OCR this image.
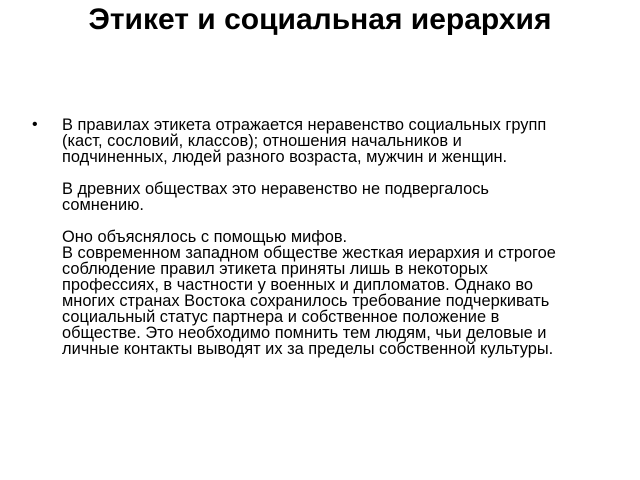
Этикет и социальная иерархия
• В правилах этикета отражается неравенство социальных групп
(каст, сословий, классов); отношения начальников и
подчиненных, людей разного возраста, мужчин и женщин.

В древних обществах это неравенство не подвергалось
сомнению.

Оно объяснялось с помощью мифов.
В современном западном обществе жесткая иерархия и строгое
соблюдение правил этикета приняты лишь в некоторых
профессиях, в частности у военных и дипломатов. Однако во
многих странах Востока сохранилось требование подчеркивать
социальный статус партнера и собственное положение в
обществе. Это необходимо помнить тем людям, чьи деловые и
личные контакты выводят их за пределы собственной культуры.
